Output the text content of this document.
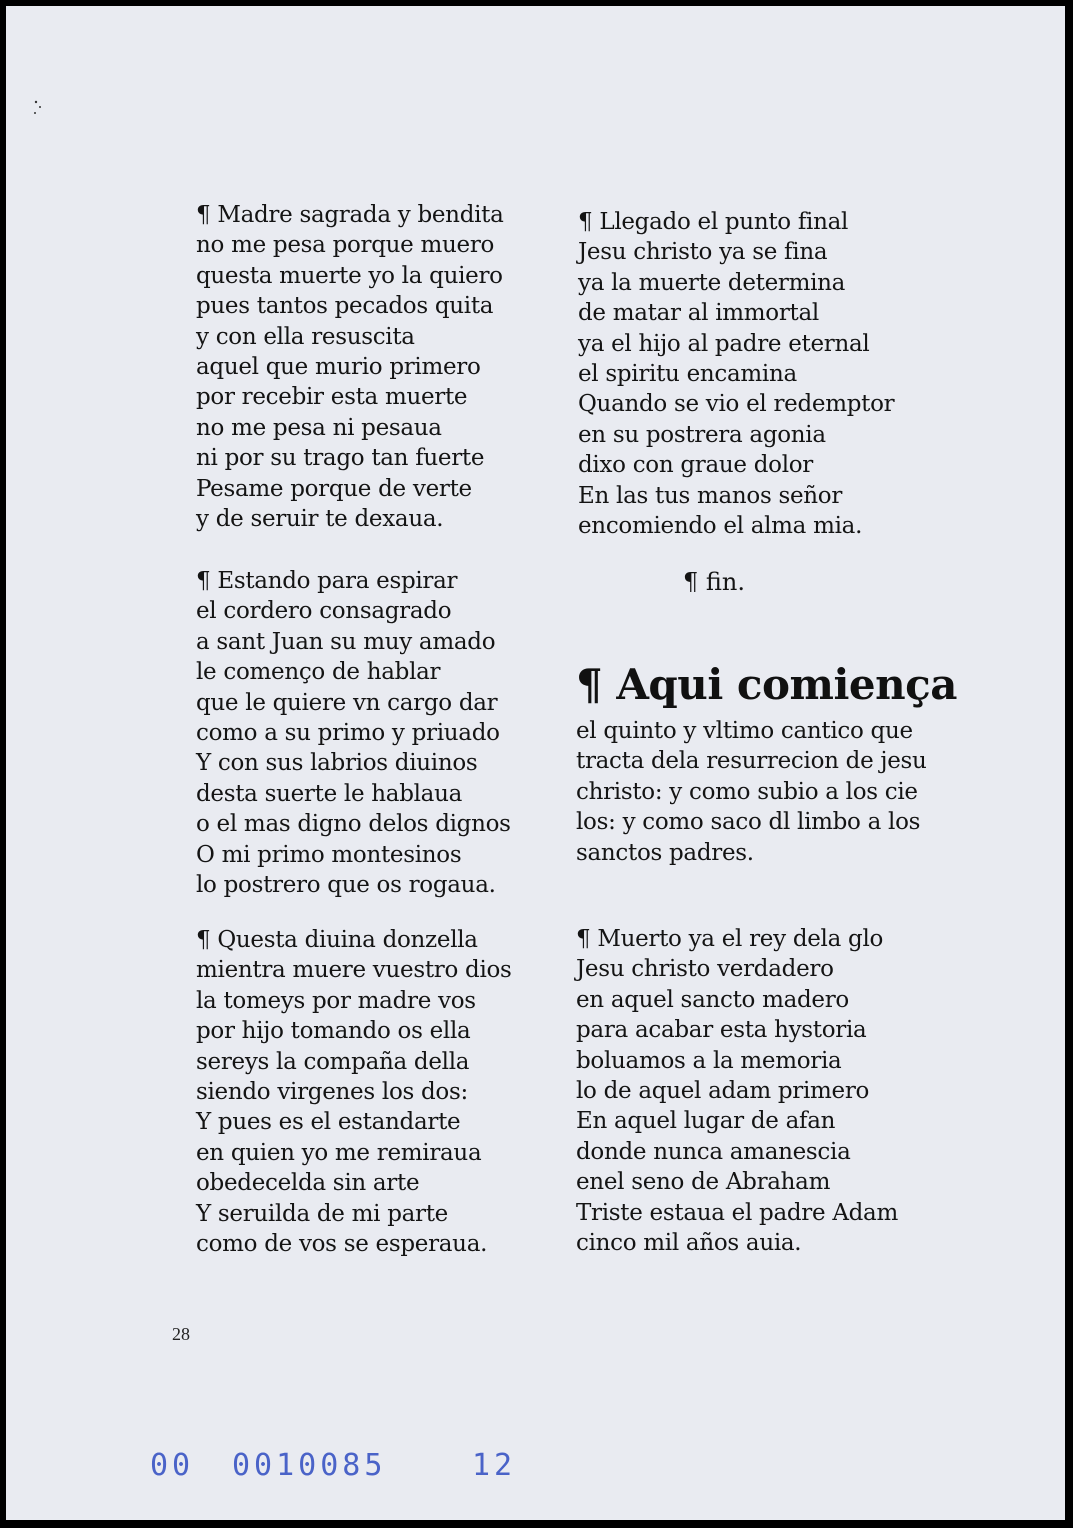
¶ Madre sagrada y bendita
no me pesa porque muero
questa muerte yo la quiero
pues tantos pecados quita
y con ella resuscita
aquel que murio primero
por recebir esta muerte
no me pesa ni pesaua
ni por su trago tan fuerte
Pesame porque de verte
y de seruir te dexaua.
¶ Estando para espirar
el cordero consagrado
a sant Juan su muy amado
le començo de hablar
que le quiere vn cargo dar
como a su primo y priuado
Y con sus labrios diuinos
desta suerte le hablaua
o el mas digno delos dignos
O mi primo montesinos
lo postrero que os rogaua.
¶ Questa diuina donzella
mientra muere vuestro dios
la tomeys por madre vos
por hijo tomando os ella
sereys la compaña della
siendo virgenes los dos:
Y pues es el estandarte
en quien yo me remiraua
obedecelda sin arte
Y seruilda de mi parte
como de vos se esperaua.
¶ Llegado el punto final
Jesu christo ya se fina
ya la muerte determina
de matar al immortal
ya el hijo al padre eternal
el spiritu encamina
Quando se vio el redemptor
en su postrera agonia
dixo con graue dolor
En las tus manos señor
encomiendo el alma mia.
¶ fin.
¶ Aqui comiença
el quinto y vltimo cantico que
tracta dela resurrecion de jesu
christo: y como subio a los cie
los: y como saco dl limbo a los
sanctos padres.
¶ Muerto ya el rey dela glo
Jesu christo verdadero
en aquel sancto madero
para acabar esta hystoria
boluamos a la memoria
lo de aquel adam primero
En aquel lugar de afan
donde nunca amanescia
enel seno de Abraham
Triste estaua el padre Adam
cinco mil años auia.
28
00 0010085	12
